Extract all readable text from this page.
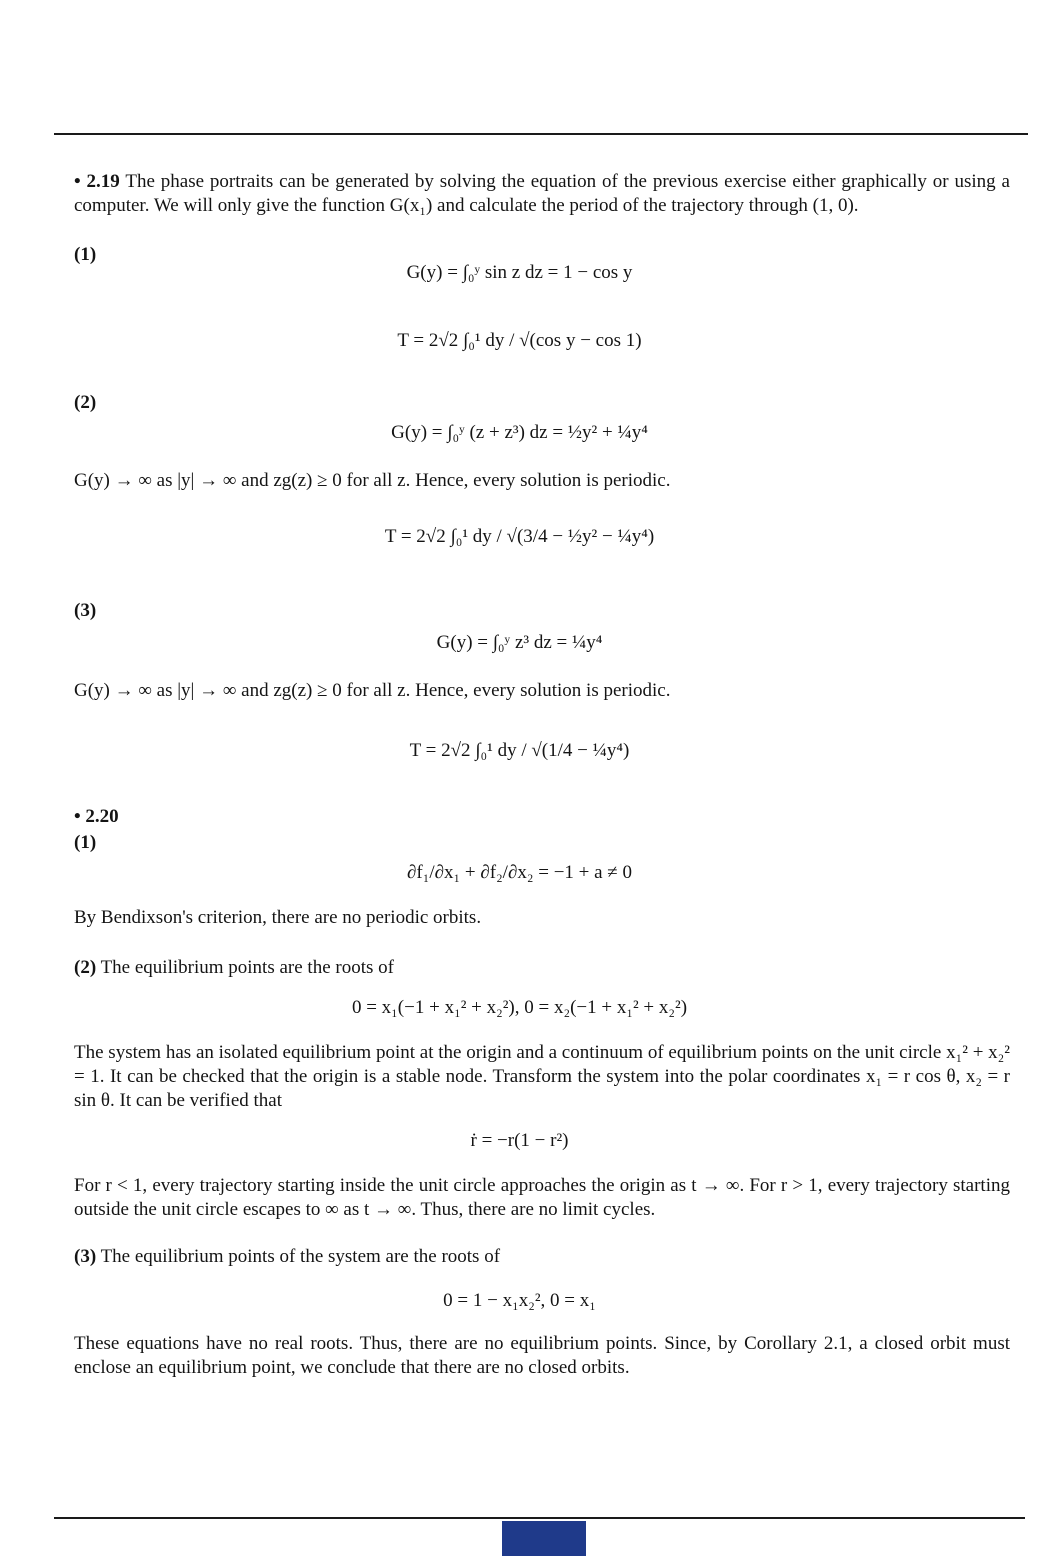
• 2.19 The phase portraits can be generated by solving the equation of the previous exercise either graphically or using a computer. We will only give the function G(x₁) and calculate the period of the trajectory through (1, 0).
(1)
G(y) = ∫₀ʸ sin z dz = 1 − cos y
T = 2√2 ∫₀¹ dy / √(cos y − cos 1)
(2)
G(y) = ∫₀ʸ (z + z³) dz = ½y² + ¼y⁴
G(y) → ∞ as |y| → ∞ and zg(z) ≥ 0 for all z. Hence, every solution is periodic.
T = 2√2 ∫₀¹ dy / √(3/4 − ½y² − ¼y⁴)
(3)
G(y) = ∫₀ʸ z³ dz = ¼y⁴
G(y) → ∞ as |y| → ∞ and zg(z) ≥ 0 for all z. Hence, every solution is periodic.
T = 2√2 ∫₀¹ dy / √(1/4 − ¼y⁴)
• 2.20
(1)
∂f₁/∂x₁ + ∂f₂/∂x₂ = −1 + a ≠ 0
By Bendixson's criterion, there are no periodic orbits.
(2) The equilibrium points are the roots of
0 = x₁(−1 + x₁² + x₂²), 0 = x₂(−1 + x₁² + x₂²)
The system has an isolated equilibrium point at the origin and a continuum of equilibrium points on the unit circle x₁² + x₂² = 1. It can be checked that the origin is a stable node. Transform the system into the polar coordinates x₁ = r cos θ, x₂ = r sin θ. It can be verified that
ṙ = −r(1 − r²)
For r < 1, every trajectory starting inside the unit circle approaches the origin as t → ∞. For r > 1, every trajectory starting outside the unit circle escapes to ∞ as t → ∞. Thus, there are no limit cycles.
(3) The equilibrium points of the system are the roots of
0 = 1 − x₁x₂², 0 = x₁
These equations have no real roots. Thus, there are no equilibrium points. Since, by Corollary 2.1, a closed orbit must enclose an equilibrium point, we conclude that there are no closed orbits.
